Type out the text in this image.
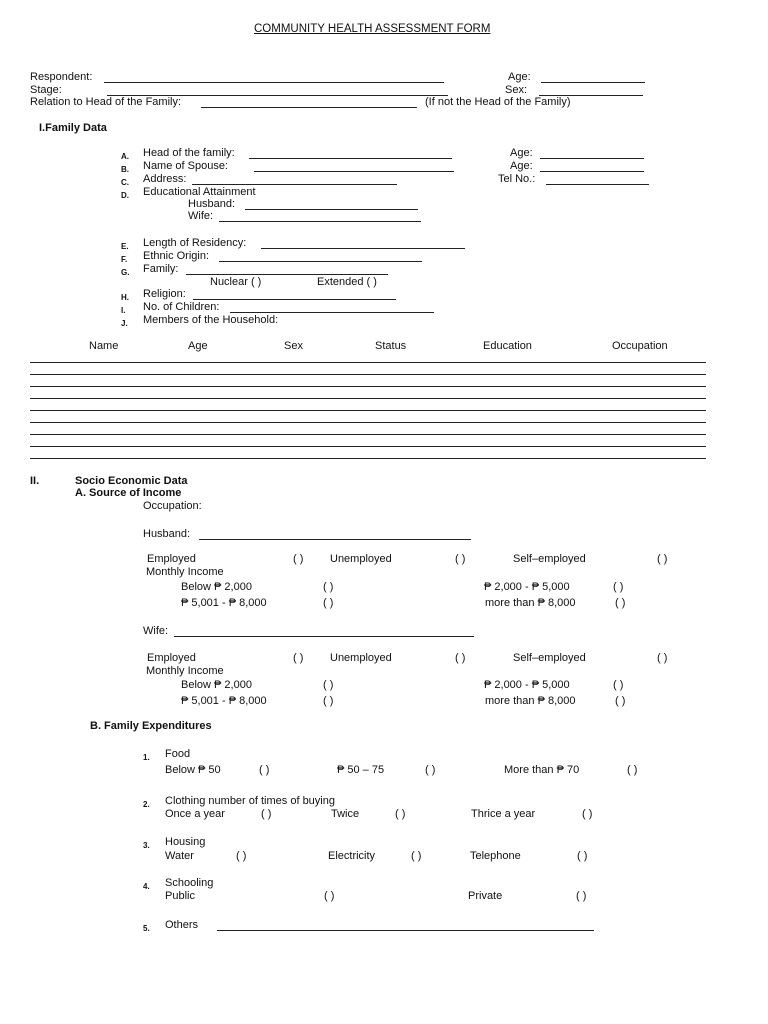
COMMUNITY HEALTH ASSESSMENT FORM
Respondent:	Age:
Stage:	Sex:
Relation to Head of the Family:	(If not the Head of the Family)
I.Family Data
A. Head of the family:	Age:
B. Name of Spouse:	Age:
C. Address:	Tel No.:
D. Educational Attainment
Husband:
Wife:
E. Length of Residency:
F. Ethnic Origin:
G. Family:
Nuclear ( )	Extended ( )
H. Religion:
I. No. of Children:
J. Members of the Household:
Name	Age	Sex	Status	Education	Occupation
II.	Socio Economic Data
A. Source of Income
Occupation:
Husband:
Employed	( ) Unemployed	( )	Self–employed	( )
Monthly Income
Below ₱ 2,000	( )	₱ 2,000 - ₱ 5,000	( )
₱ 5,001 - ₱ 8,000	( )	more than ₱ 8,000	( )
Wife:
Employed	( ) Unemployed	( )	Self–employed	( )
Monthly Income
Below ₱ 2,000	( )	₱ 2,000 - ₱ 5,000	( )
₱ 5,001 - ₱ 8,000	( )	more than ₱ 8,000	( )
B. Family Expenditures
1. Food
Below ₱ 50	( )	₱ 50 – 75	( )	More than ₱ 70	( )
2. Clothing number of times of buying
Once a year	( )	Twice	( )	Thrice a year	( )
3. Housing
Water	( )	Electricity	( )	Telephone	( )
4. Schooling
Public	( )	Private	( )
5. Others
